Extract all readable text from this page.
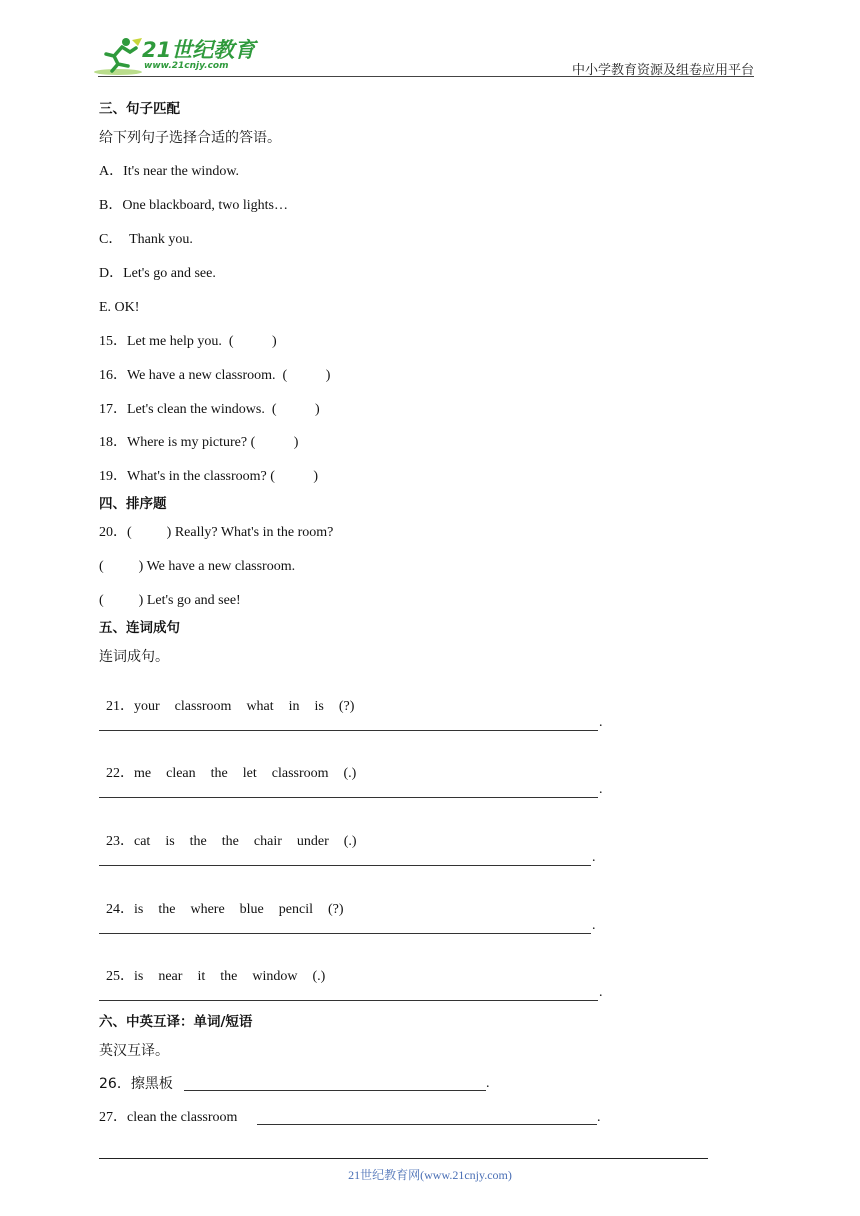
21世纪教育
www.21cnjy.com	中小学教育资源及组卷应用平台
三、句子匹配
给下列句子选择合适的答语。
A．It's near the window.
B．One blackboard, two lights…
C．  Thank you.
D．Let's go and see.
E. OK!
15．Let me help you.  (           )
16．We have a new classroom.  (           )
17．Let's clean the windows.  (           )
18．Where is my picture? (           )
19．What's in the classroom? (           )
四、排序题
20．(          ) Really? What's in the room?
(          ) We have a new classroom.
(          ) Let's go and see!
五、连词成句
连词成句。

21．your classroom what in is (?)

.

22．me clean the let classroom (.)

.

23．cat is the the chair under (.)

.

24．is the where blue pencil (?)

.

25．is near it the window (.)

.
六、中英互译：单词/短语
英汉互译。
26．擦黑板	.
27．clean the classroom	.
21世纪教育网(www.21cnjy.com)
